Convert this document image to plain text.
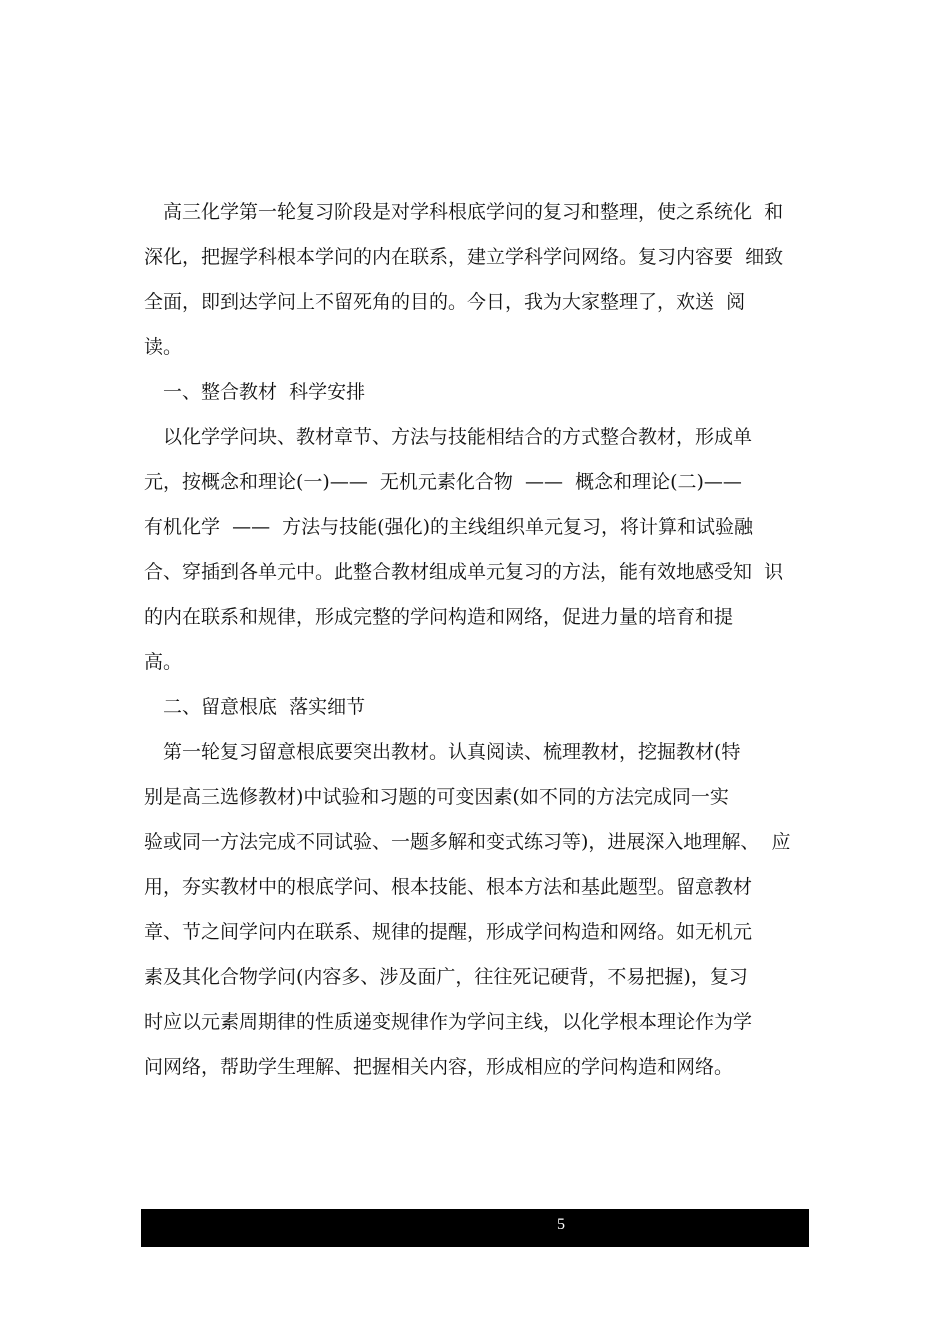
　高三化学第一轮复习阶段是对学科根底学问的复习和整理，使之系统化  和
深化，把握学科根本学问的内在联系，建立学科学问网络。复习内容要  细致
全面，即到达学问上不留死角的目的。今日，我为大家整理了，欢送  阅
读。
　一、整合教材  科学安排
　以化学学问块、教材章节、方法与技能相结合的方式整合教材，形成单
元，按概念和理论(一)——  无机元素化合物  ——  概念和理论(二)——
有机化学  ——  方法与技能(强化)的主线组织单元复习，将计算和试验融
合、穿插到各单元中。此整合教材组成单元复习的方法，能有效地感受知  识
的内在联系和规律，形成完整的学问构造和网络，促进力量的培育和提
高。
　二、留意根底  落实细节
　第一轮复习留意根底要突出教材。认真阅读、梳理教材，挖掘教材(特
别是高三选修教材)中试验和习题的可变因素(如不同的方法完成同一实
验或同一方法完成不同试验、一题多解和变式练习等)，进展深入地理解、  应
用，夯实教材中的根底学问、根本技能、根本方法和基此题型。留意教材
章、节之间学问内在联系、规律的提醒，形成学问构造和网络。如无机元
素及其化合物学问(内容多、涉及面广，往往死记硬背，不易把握)，复习
时应以元素周期律的性质递变规律作为学问主线，以化学根本理论作为学
问网络，帮助学生理解、把握相关内容，形成相应的学问构造和网络。
5
